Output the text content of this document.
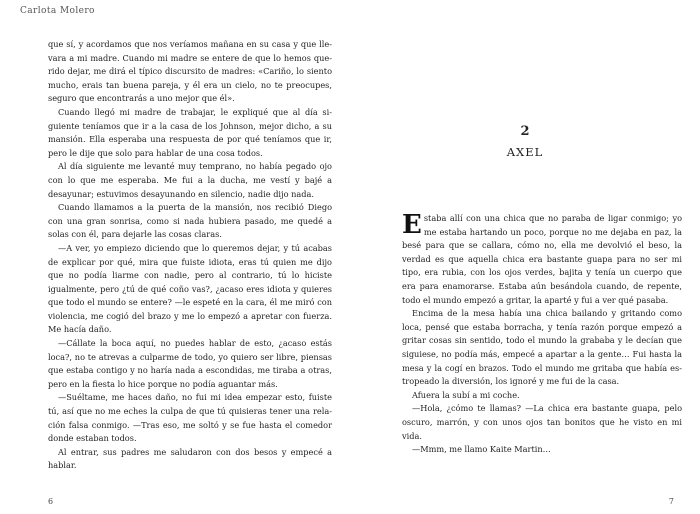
Carlota Molero

que sí, y acordamos que nos veríamos mañana en su casa y que llevara a mi madre. Cuando mi madre se entere de que lo hemos querido dejar, me dirá el típico discursito de madres: «Cariño, lo siento mucho, erais tan buena pareja, y él era un cielo, no te preocupes, seguro que encontrarás a uno mejor que él».

Cuando llegó mi madre de trabajar, le expliqué que al día siguiente teníamos que ir a la casa de los Johnson, mejor dicho, a su mansión. Ella esperaba una respuesta de por qué teníamos que ir, pero le dije que solo para hablar de una cosa todos.

Al día siguiente me levanté muy temprano, no había pegado ojo con lo que me esperaba. Me fui a la ducha, me vestí y bajé a desayunar; estuvimos desayunando en silencio, nadie dijo nada.

Cuando llamamos a la puerta de la mansión, nos recibió Diego con una gran sonrisa, como si nada hubiera pasado, me quedé a solas con él, para dejarle las cosas claras.

—A ver, yo empiezo diciendo que lo queremos dejar, y tú acabas de explicar por qué, mira que fuiste idiota, eras tú quien me dijo que no podía liarme con nadie, pero al contrario, tú lo hiciste igualmente, pero ¿tú de qué coño vas?, ¿acaso eres idiota y quieres que todo el mundo se entere? —le espeté en la cara, él me miró con violencia, me cogió del brazo y me lo empezó a apretar con fuerza. Me hacía daño.

—Cállate la boca aquí, no puedes hablar de esto, ¿acaso estás loca?, no te atrevas a culparme de todo, yo quiero ser libre, piensas que estaba contigo y no haría nada a escondidas, me tiraba a otras, pero en la fiesta lo hice porque no podía aguantar más.

—Suéltame, me haces daño, no fui mi idea empezar esto, fuiste tú, así que no me eches la culpa de que tú quisieras tener una relación falsa conmigo. —Tras eso, me soltó y se fue hasta el comedor donde estaban todos.

Al entrar, sus padres me saludaron con dos besos y empecé a hablar.

6
2
AXEL

Estaba allí con una chica que no paraba de ligar conmigo; yo me estaba hartando un poco, porque no me dejaba en paz, la besé para que se callara, cómo no, ella me devolvió el beso, la verdad es que aquella chica era bastante guapa para no ser mi tipo, era rubia, con los ojos verdes, bajita y tenía un cuerpo que era para enamorarse. Estaba aún besándola cuando, de repente, todo el mundo empezó a gritar, la aparté y fui a ver qué pasaba.

Encima de la mesa había una chica bailando y gritando como loca, pensé que estaba borracha, y tenía razón porque empezó a gritar cosas sin sentido, todo el mundo la grababa y le decían que siguiese, no podía más, empecé a apartar a la gente… Fui hasta la mesa y la cogí en brazos. Todo el mundo me gritaba que había estropeado la diversión, los ignoré y me fui de la casa.

Afuera la subí a mi coche.

—Hola, ¿cómo te llamas? —La chica era bastante guapa, pelo oscuro, marrón, y con unos ojos tan bonitos que he visto en mi vida.

—Mmm, me llamo Kaite Martin…

7
